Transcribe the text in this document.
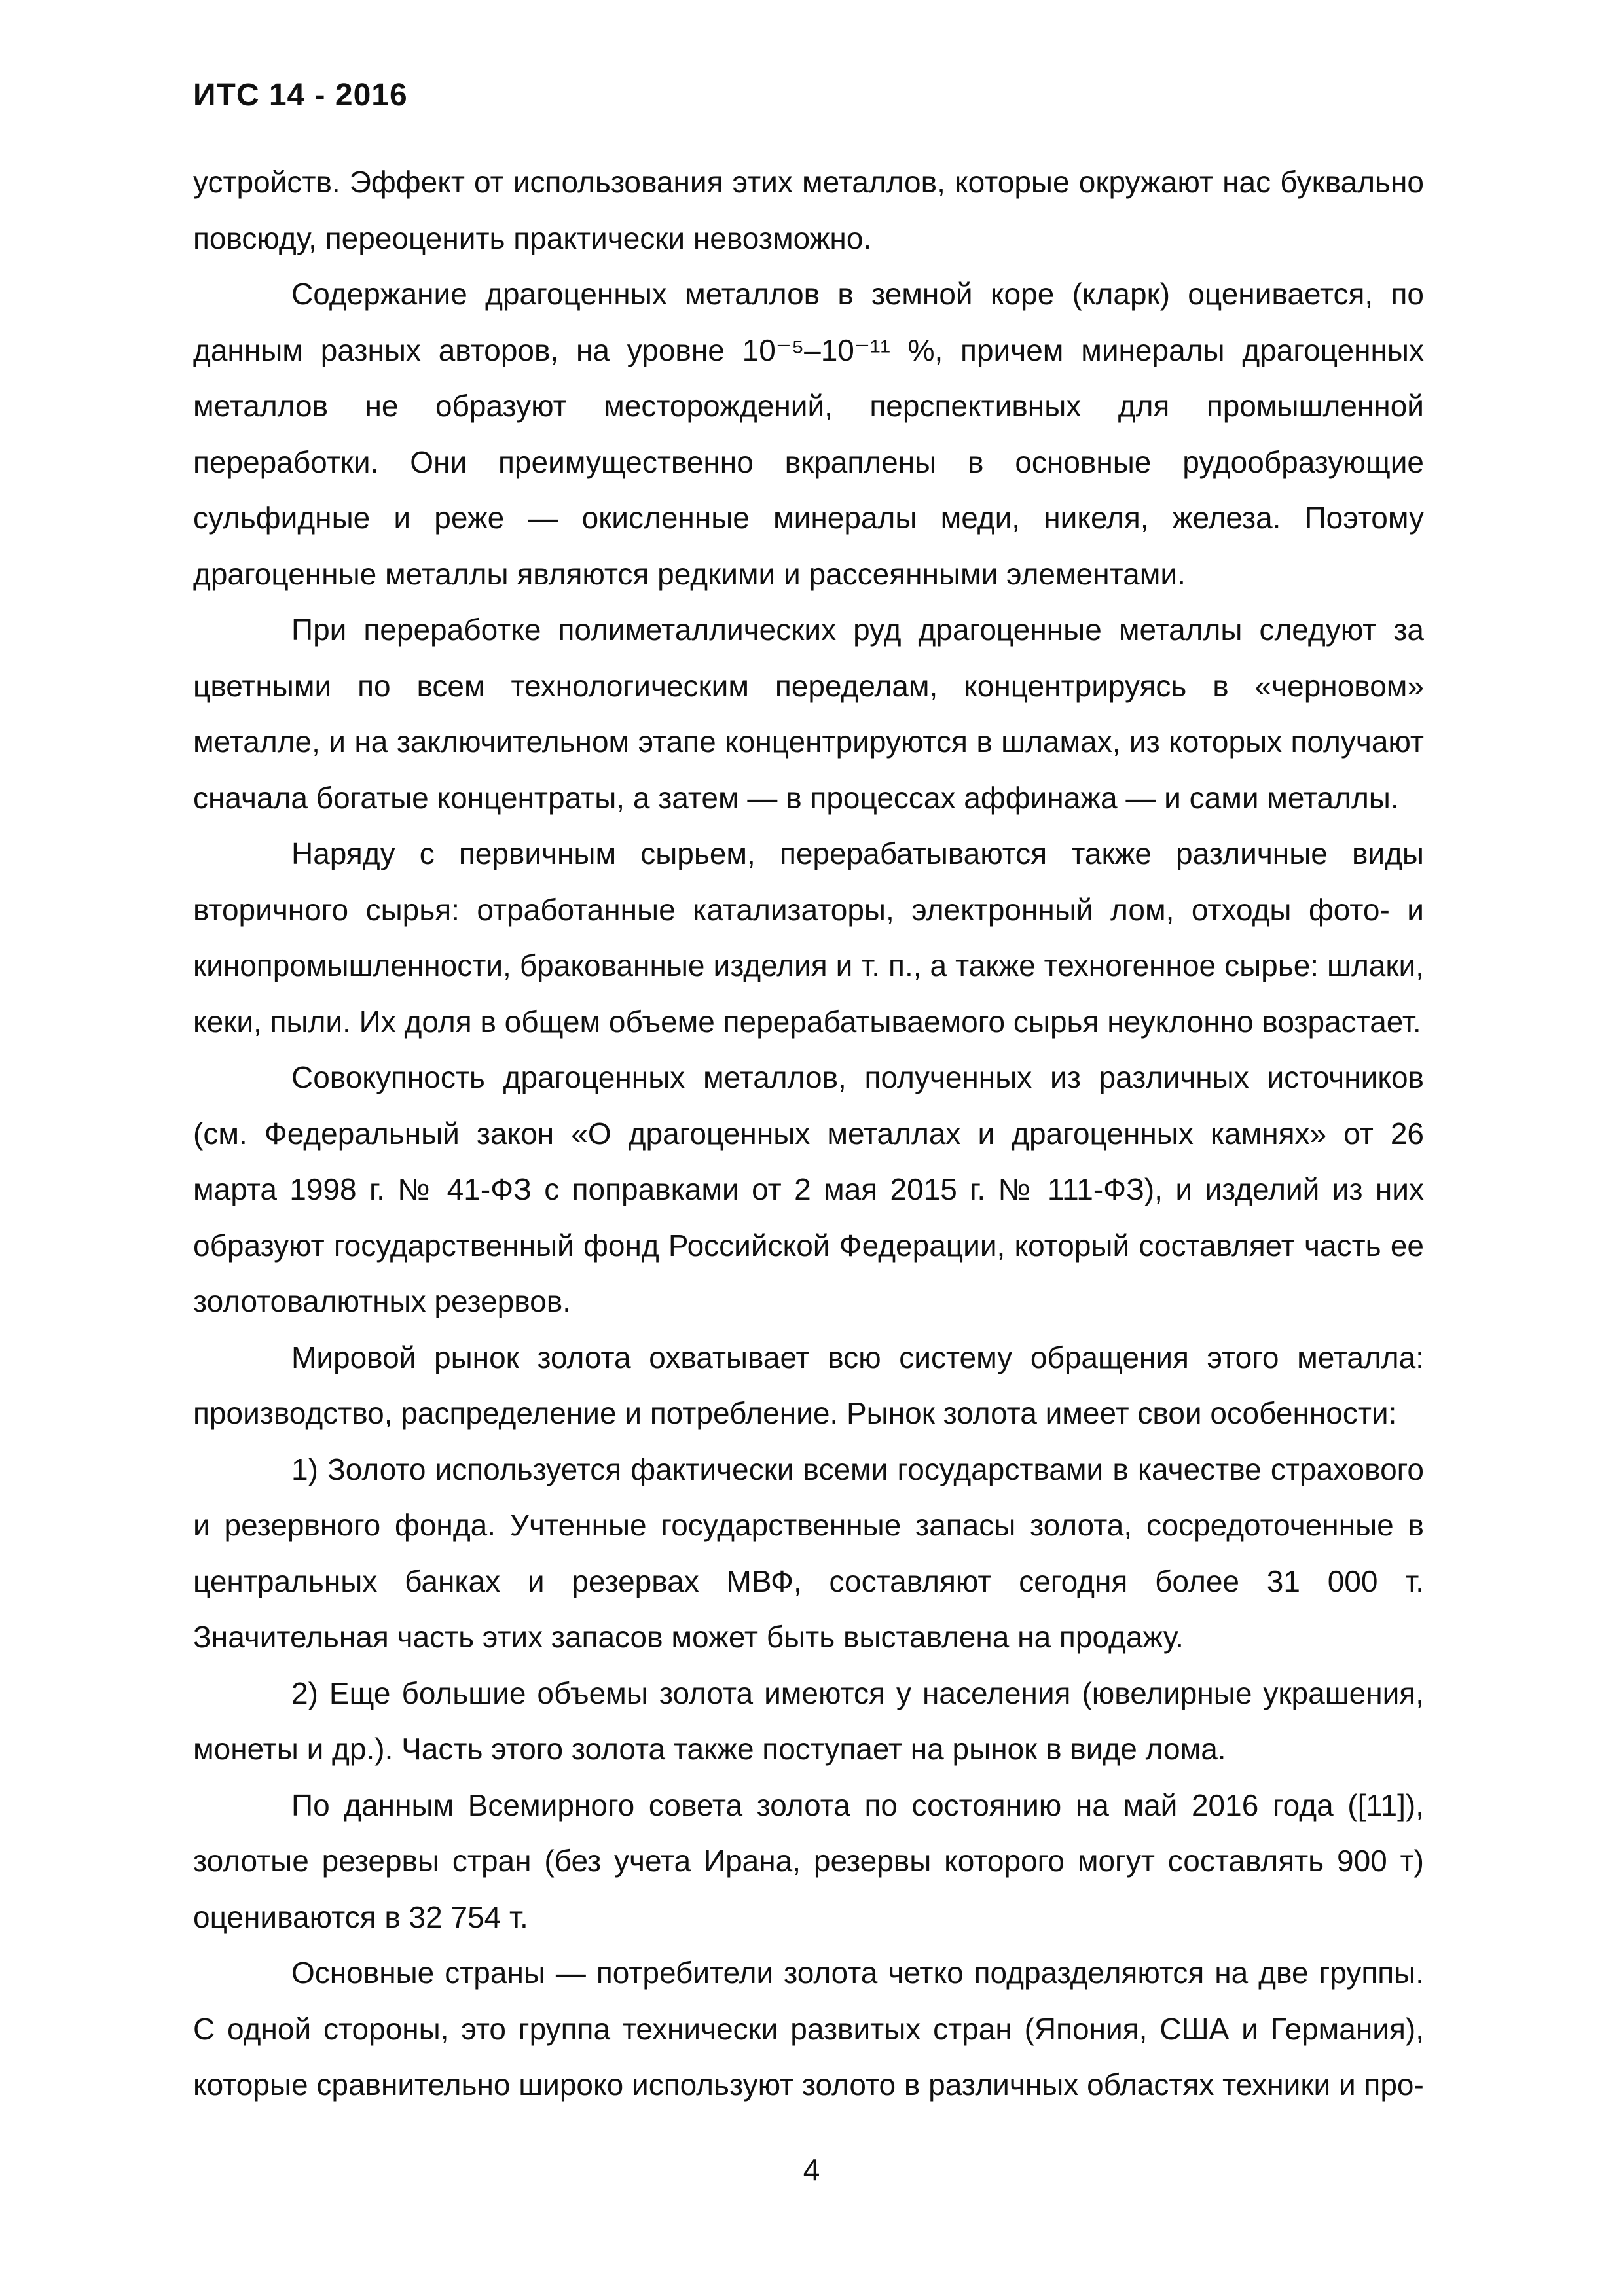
ИТС 14 - 2016

устройств. Эффект от использования этих металлов, которые окружают нас буквально повсюду, переоценить практически невозможно.

Содержание драгоценных металлов в земной коре (кларк) оценивается, по данным разных авторов, на уровне 10⁻⁵–10⁻¹¹ %, причем минералы драгоценных металлов не образуют месторождений, перспективных для промышленной переработки. Они преимущественно вкраплены в основные рудообразующие сульфидные и реже — окисленные минералы меди, никеля, железа. Поэтому драгоценные металлы являются редкими и рассеянными элементами.

При переработке полиметаллических руд драгоценные металлы следуют за цветными по всем технологическим переделам, концентрируясь в «черновом» металле, и на заключительном этапе концентрируются в шламах, из которых получают сначала богатые концентраты, а затем — в процессах аффинажа — и сами металлы.

Наряду с первичным сырьем, перерабатываются также различные виды вторичного сырья: отработанные катализаторы, электронный лом, отходы фото- и кинопромышленности, бракованные изделия и т. п., а также техногенное сырье: шлаки, кеки, пыли. Их доля в общем объеме перерабатываемого сырья неуклонно возрастает.

Совокупность драгоценных металлов, полученных из различных источников (см. Федеральный закон «О драгоценных металлах и драгоценных камнях» от 26 марта 1998 г. № 41-ФЗ с поправками от 2 мая 2015 г. № 111-ФЗ), и изделий из них образуют государственный фонд Российской Федерации, который составляет часть ее золотовалютных резервов.

Мировой рынок золота охватывает всю систему обращения этого металла: производство, распределение и потребление. Рынок золота имеет свои особенности:

1) Золото используется фактически всеми государствами в качестве страхового и резервного фонда. Учтенные государственные запасы золота, сосредоточенные в центральных банках и резервах МВФ, составляют сегодня более 31 000 т. Значительная часть этих запасов может быть выставлена на продажу.

2) Еще большие объемы золота имеются у населения (ювелирные украшения, монеты и др.). Часть этого золота также поступает на рынок в виде лома.

По данным Всемирного совета золота по состоянию на май 2016 года ([11]), золотые резервы стран (без учета Ирана, резервы которого могут составлять 900 т) оцениваются в 32 754 т.

Основные страны — потребители золота четко подразделяются на две группы. С одной стороны, это группа технически развитых стран (Япония, США и Германия), которые сравнительно широко используют золото в различных областях техники и про-

4
